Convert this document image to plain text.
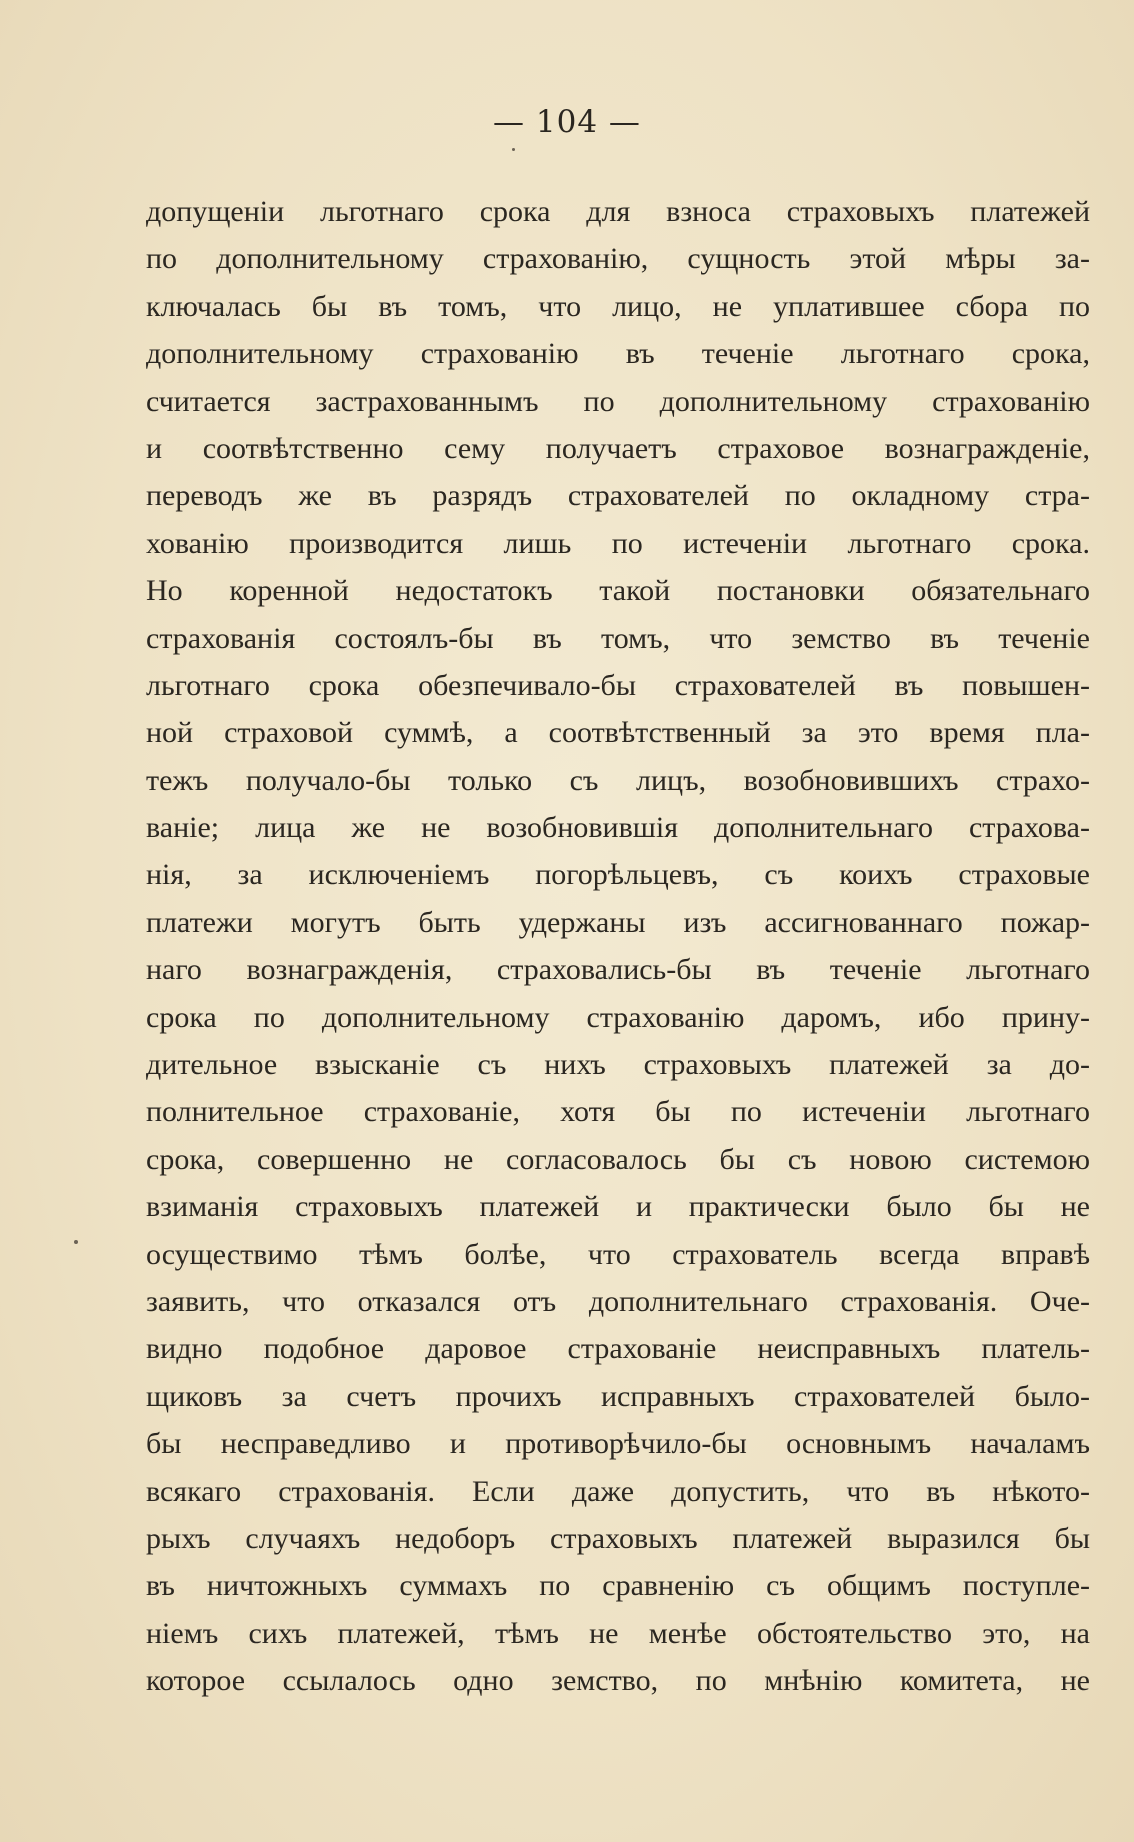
— 104 —
допущеніи льготнаго срока для взноса страховыхъ платежей
по дополнительному страхованію, сущность этой мѣры за-
ключалась бы въ томъ, что лицо, не уплатившее сбора по
дополнительному страхованію въ теченіе льготнаго срока,
считается застрахованнымъ по дополнительному страхованію
и соотвѣтственно сему получаетъ страховое вознагражденіе,
переводъ же въ разрядъ страхователей по окладному стра-
хованію производится лишь по истеченіи льготнаго срока.
Но коренной недостатокъ такой постановки обязательнаго
страхованія состоялъ-бы въ томъ, что земство въ теченіе
льготнаго срока обезпечивало-бы страхователей въ повышен-
ной страховой суммѣ, а соотвѣтственный за это время пла-
тежъ получало-бы только съ лицъ, возобновившихъ страхо-
ваніе; лица же не возобновившія дополнительнаго страхова-
нія, за исключеніемъ погорѣльцевъ, съ коихъ страховые
платежи могутъ быть удержаны изъ ассигнованнаго пожар-
наго вознагражденія, страховались-бы въ теченіе льготнаго
срока по дополнительному страхованію даромъ, ибо прину-
дительное взысканіе съ нихъ страховыхъ платежей за до-
полнительное страхованіе, хотя бы по истеченіи льготнаго
срока, совершенно не согласовалось бы съ новою системою
взиманія страховыхъ платежей и практически было бы не
осуществимо тѣмъ болѣе, что страхователь всегда вправѣ
заявить, что отказался отъ дополнительнаго страхованія. Оче-
видно подобное даровое страхованіе неисправныхъ платель-
щиковъ за счетъ прочихъ исправныхъ страхователей было-
бы несправедливо и противорѣчило-бы основнымъ началамъ
всякаго страхованія. Если даже допустить, что въ нѣкото-
рыхъ случаяхъ недоборъ страховыхъ платежей выразился бы
въ ничтожныхъ суммахъ по сравненію съ общимъ поступле-
ніемъ сихъ платежей, тѣмъ не менѣе обстоятельство это, на
которое ссылалось одно земство, по мнѣнію комитета, не
